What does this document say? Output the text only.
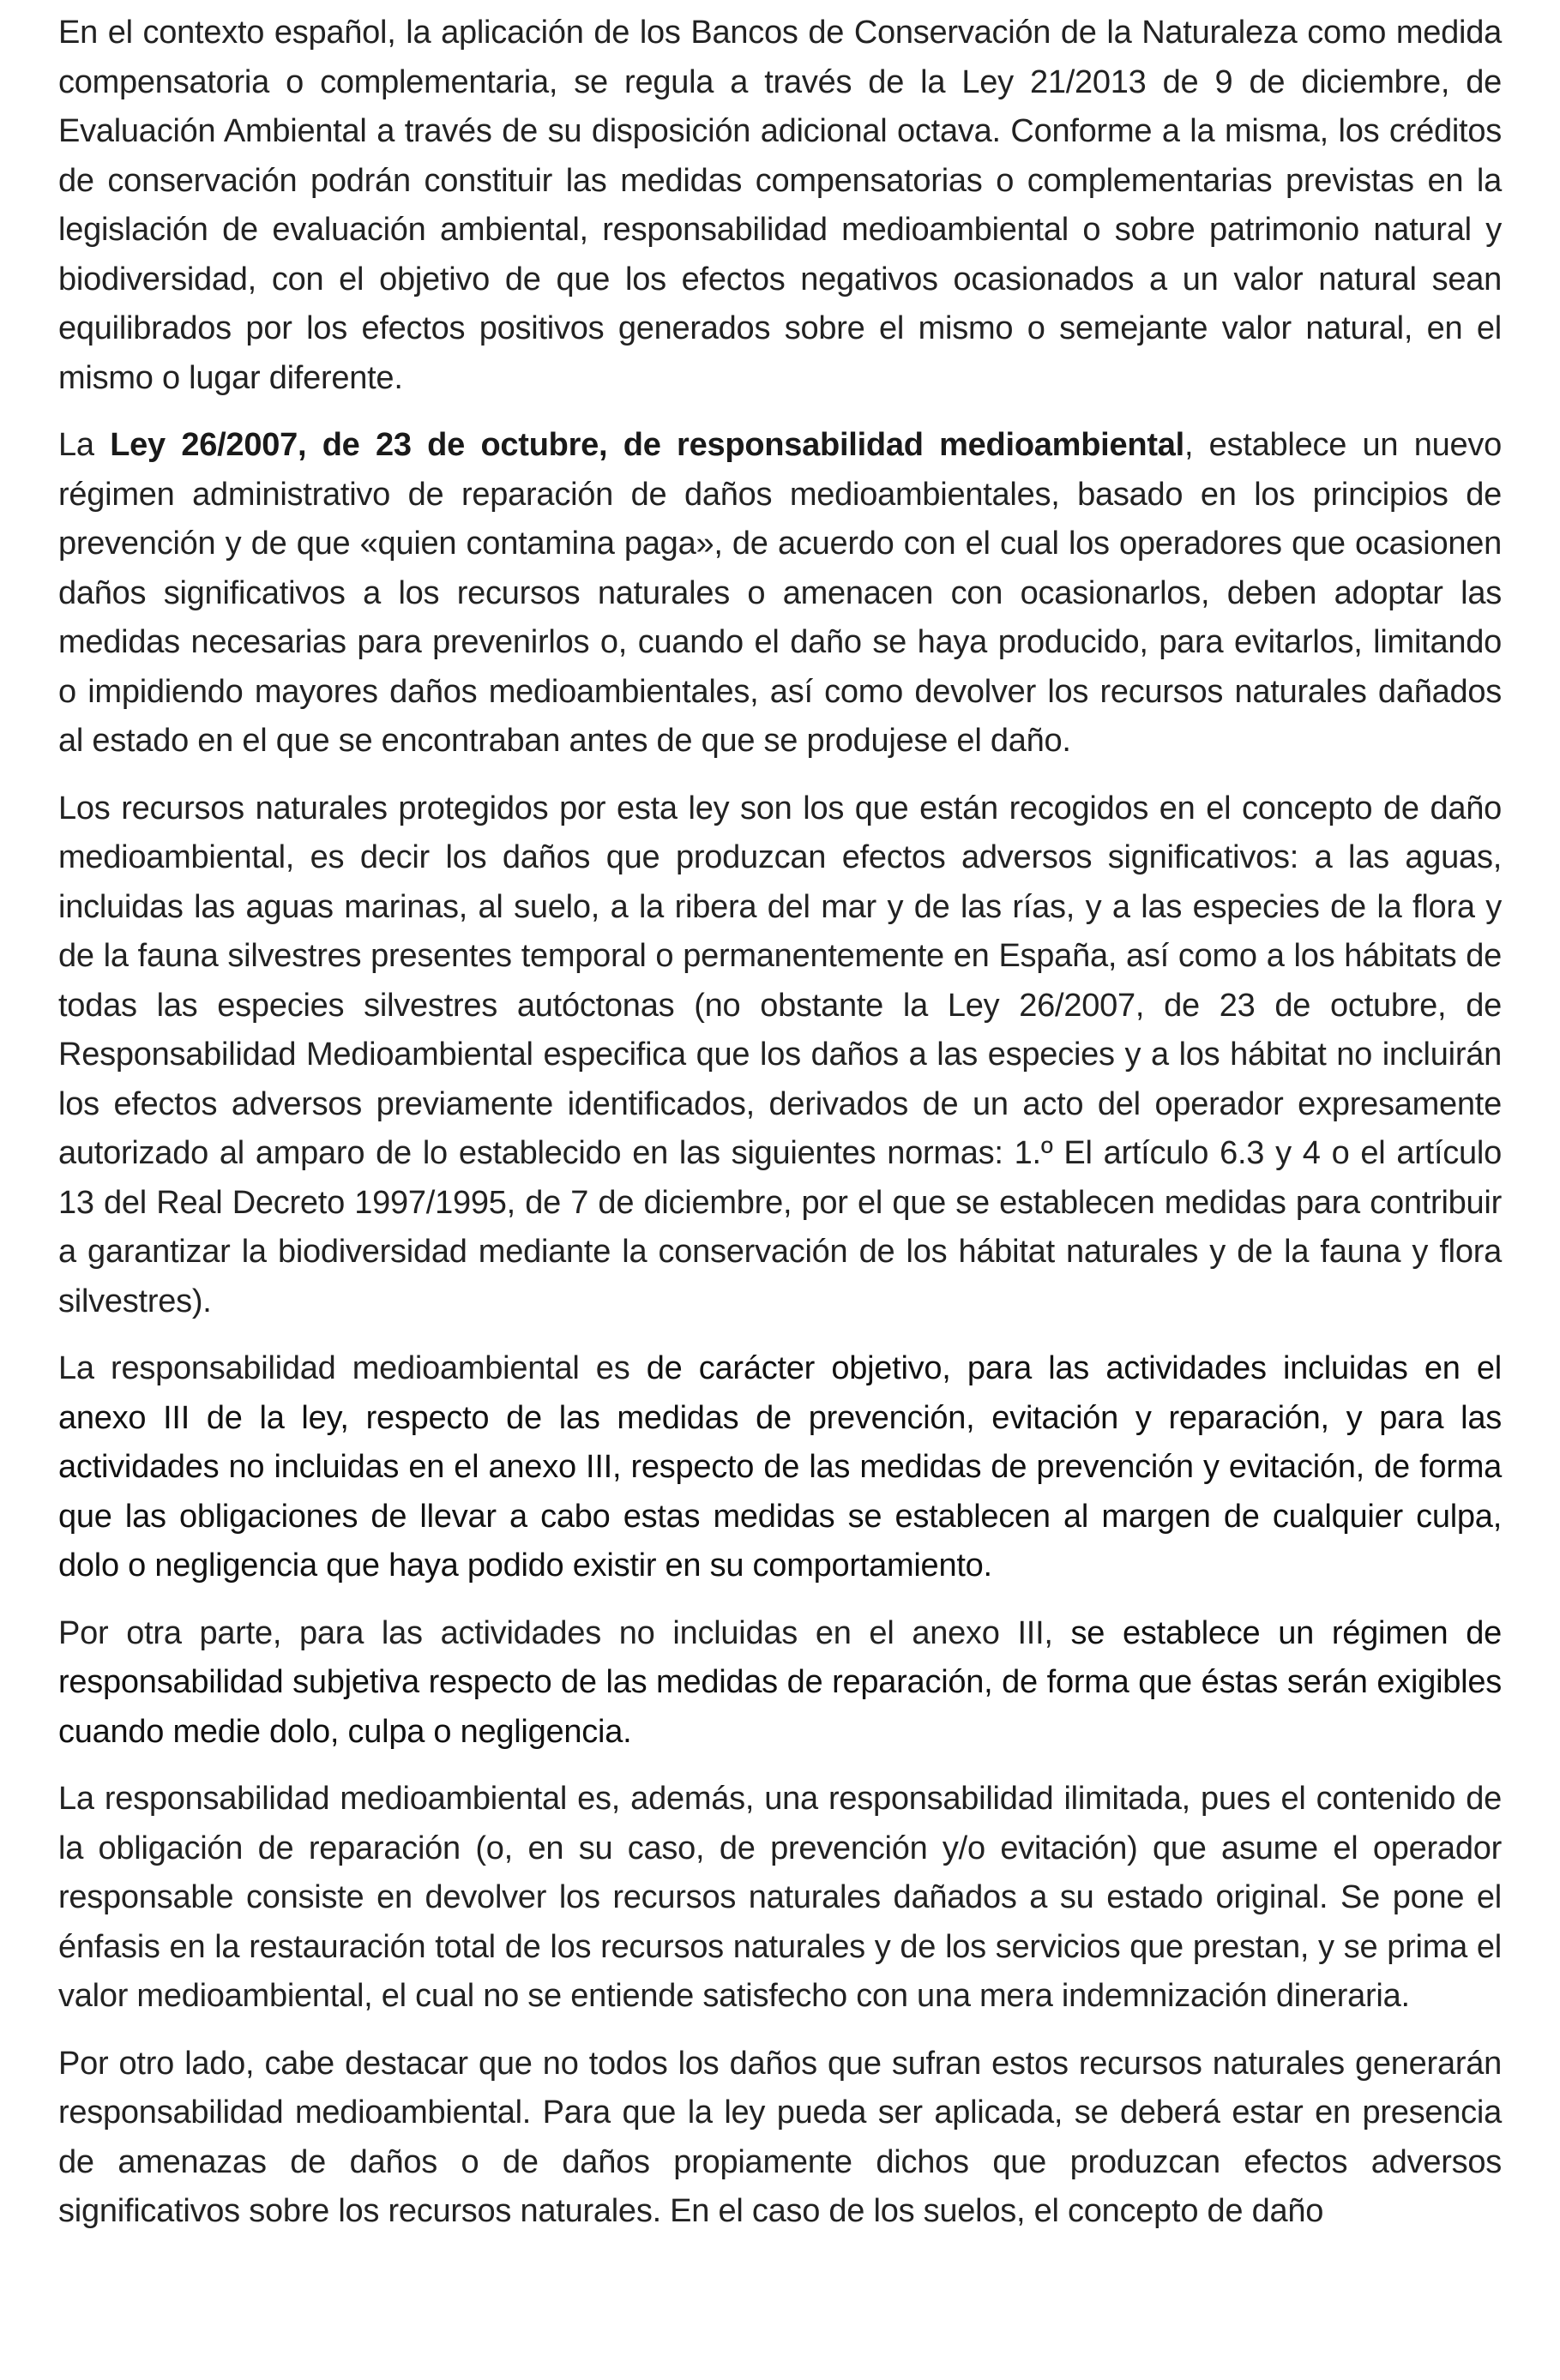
En el contexto español, la aplicación de los Bancos de Conservación de la Naturaleza como medida compensatoria o complementaria, se regula a través de la Ley 21/2013 de 9 de diciembre, de Evaluación Ambiental a través de su disposición adicional octava. Conforme a la misma, los créditos de conservación podrán constituir las medidas compensatorias o complementarias previstas en la legislación de evaluación ambiental, responsabilidad medioambiental o sobre patrimonio natural y biodiversidad, con el objetivo de que los efectos negativos ocasionados a un valor natural sean equilibrados por los efectos positivos generados sobre el mismo o semejante valor natural, en el mismo o lugar diferente.

La Ley 26/2007, de 23 de octubre, de responsabilidad medioambiental, establece un nuevo régimen administrativo de reparación de daños medioambientales, basado en los principios de prevención y de que «quien contamina paga», de acuerdo con el cual los operadores que ocasionen daños significativos a los recursos naturales o amenacen con ocasionarlos, deben adoptar las medidas necesarias para prevenirlos o, cuando el daño se haya producido, para evitarlos, limitando o impidiendo mayores daños medioambientales, así como devolver los recursos naturales dañados al estado en el que se encontraban antes de que se produjese el daño.

Los recursos naturales protegidos por esta ley son los que están recogidos en el concepto de daño medioambiental, es decir los daños que produzcan efectos adversos significativos: a las aguas, incluidas las aguas marinas, al suelo, a la ribera del mar y de las rías, y a las especies de la flora y de la fauna silvestres presentes temporal o permanentemente en España, así como a los hábitats de todas las especies silvestres autóctonas (no obstante la Ley 26/2007, de 23 de octubre, de Responsabilidad Medioambiental especifica que los daños a las especies y a los hábitat no incluirán los efectos adversos previamente identificados, derivados de un acto del operador expresamente autorizado al amparo de lo establecido en las siguientes normas: 1.º El artículo 6.3 y 4 o el artículo 13 del Real Decreto 1997/1995, de 7 de diciembre, por el que se establecen medidas para contribuir a garantizar la biodiversidad mediante la conservación de los hábitat naturales y de la fauna y flora silvestres).

La responsabilidad medioambiental es de carácter objetivo, para las actividades incluidas en el anexo III de la ley, respecto de las medidas de prevención, evitación y reparación, y para las actividades no incluidas en el anexo III, respecto de las medidas de prevención y evitación, de forma que las obligaciones de llevar a cabo estas medidas se establecen al margen de cualquier culpa, dolo o negligencia que haya podido existir en su comportamiento.

Por otra parte, para las actividades no incluidas en el anexo III, se establece un régimen de responsabilidad subjetiva respecto de las medidas de reparación, de forma que éstas serán exigibles cuando medie dolo, culpa o negligencia.

La responsabilidad medioambiental es, además, una responsabilidad ilimitada, pues el contenido de la obligación de reparación (o, en su caso, de prevención y/o evitación) que asume el operador responsable consiste en devolver los recursos naturales dañados a su estado original. Se pone el énfasis en la restauración total de los recursos naturales y de los servicios que prestan, y se prima el valor medioambiental, el cual no se entiende satisfecho con una mera indemnización dineraria.

Por otro lado, cabe destacar que no todos los daños que sufran estos recursos naturales generarán responsabilidad medioambiental. Para que la ley pueda ser aplicada, se deberá estar en presencia de amenazas de daños o de daños propiamente dichos que produzcan efectos adversos significativos sobre los recursos naturales. En el caso de los suelos, el concepto de daño
